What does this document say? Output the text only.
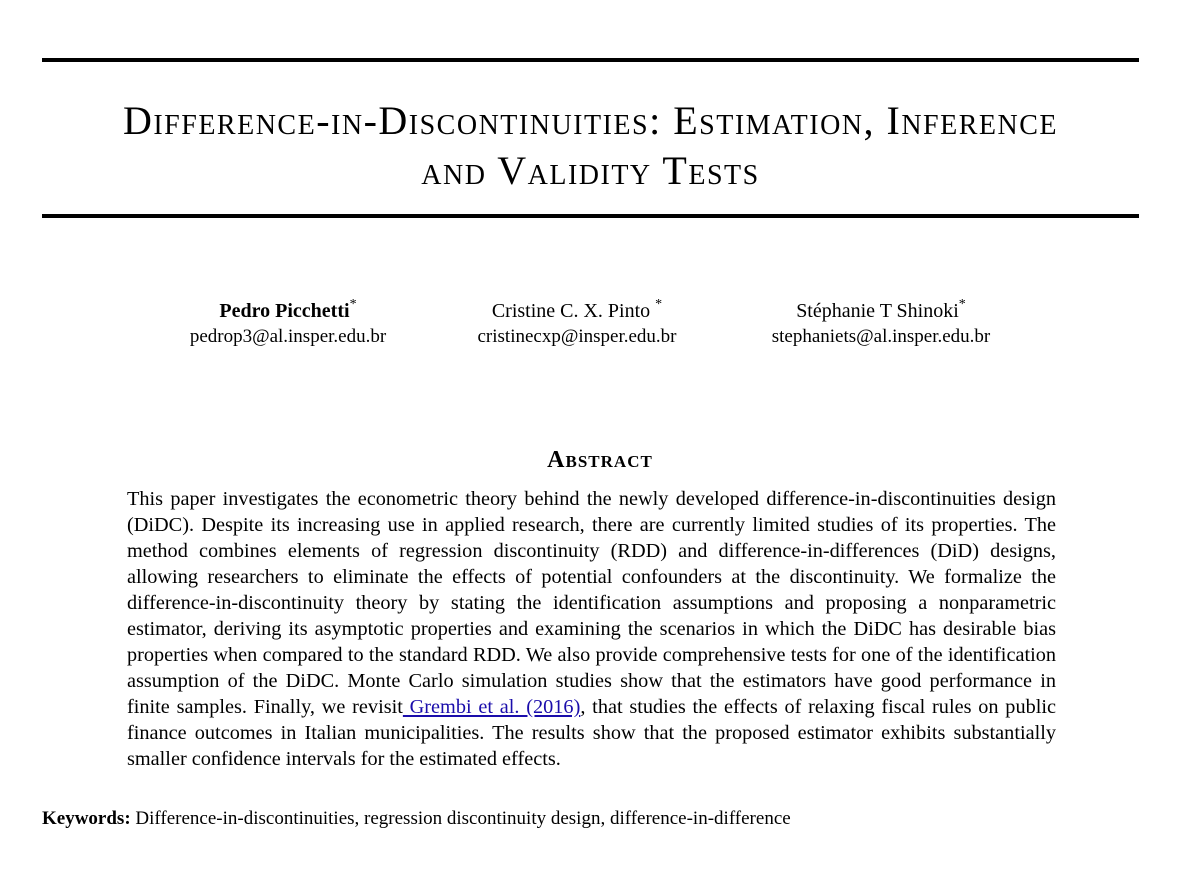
Difference-in-Discontinuities: Estimation, Inference
and Validity Tests
Pedro Picchetti*
pedrop3@al.insper.edu.br
Cristine C. X. Pinto *
cristinecxp@insper.edu.br
Stéphanie T Shinoki*
stephaniets@al.insper.edu.br
Abstract

This paper investigates the econometric theory behind the newly developed difference-in-discontinuities design (DiDC). Despite its increasing use in applied research, there are currently limited studies of its properties. The method combines elements of regression discontinuity (RDD) and difference-in-differences (DiD) designs, allowing researchers to eliminate the effects of potential confounders at the discontinuity. We formalize the difference-in-discontinuity theory by stating the identification assumptions and proposing a nonparametric estimator, deriving its asymptotic properties and examining the scenarios in which the DiDC has desirable bias properties when compared to the standard RDD. We also provide comprehensive tests for one of the identification assumption of the DiDC. Monte Carlo simulation studies show that the estimators have good performance in finite samples. Finally, we revisit Grembi et al. (2016), that studies the effects of relaxing fiscal rules on public finance outcomes in Italian municipalities. The results show that the proposed estimator exhibits substantially smaller confidence intervals for the estimated effects.

Keywords: Difference-in-discontinuities, regression discontinuity design, difference-in-difference
